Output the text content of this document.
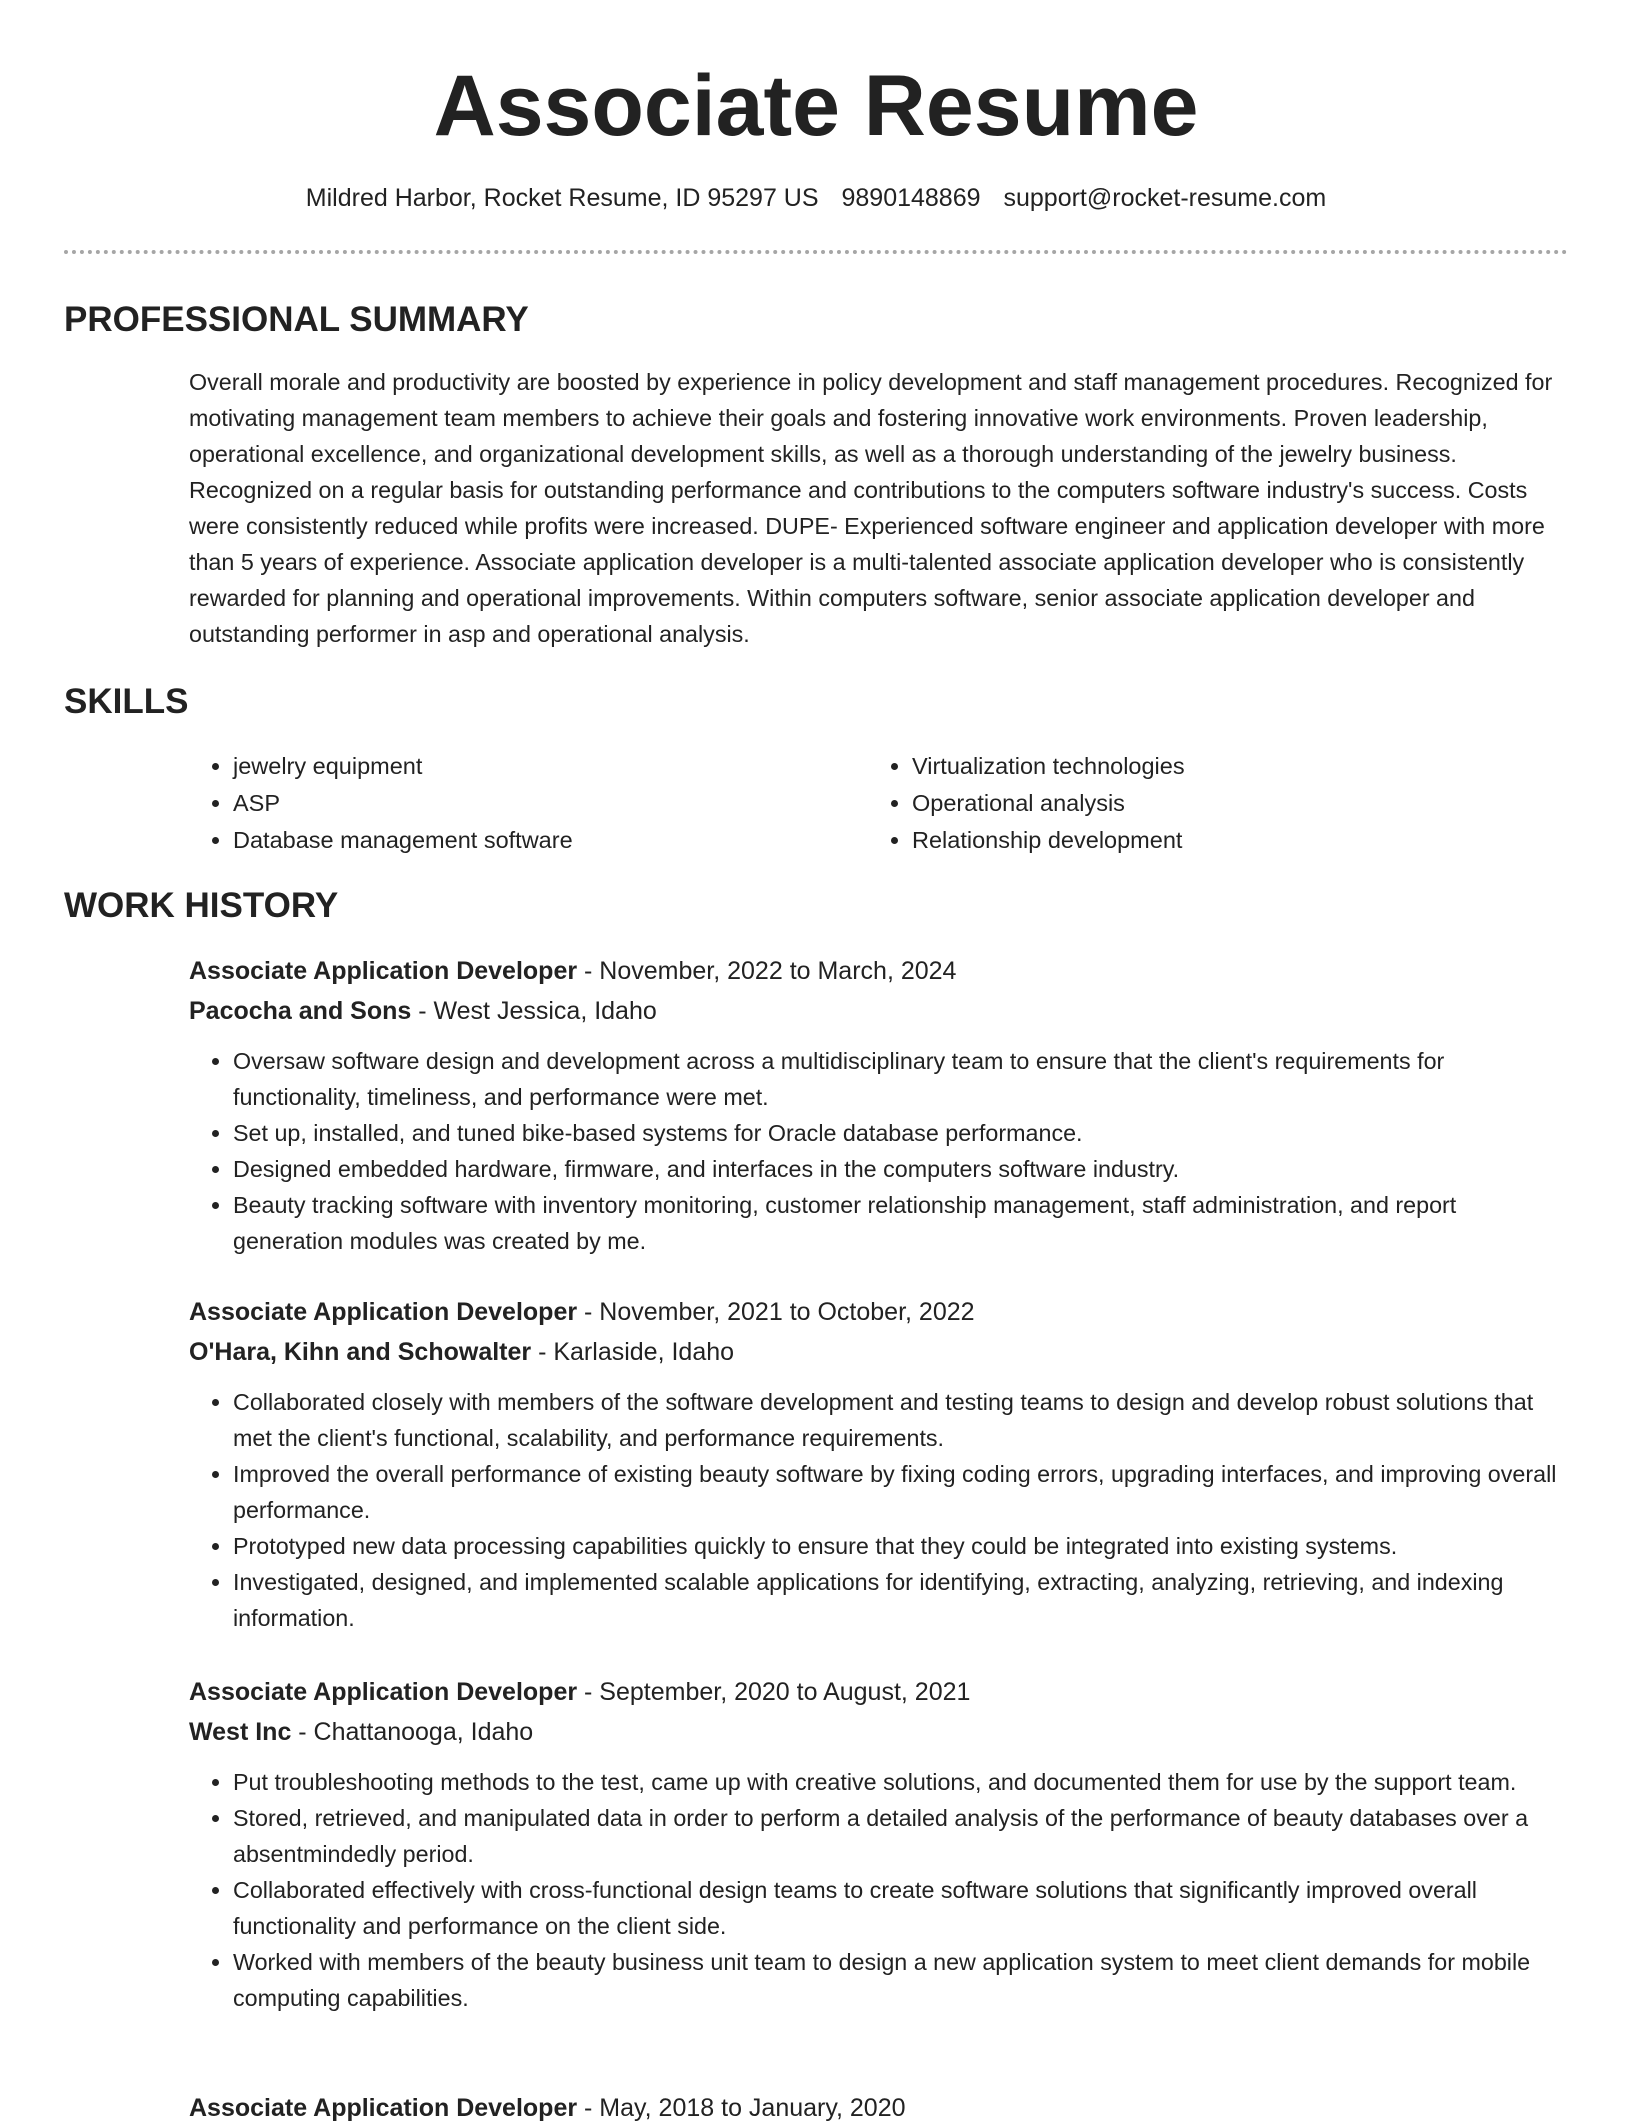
Associate Resume
Mildred Harbor, Rocket Resume, ID 95297 US 9890148869 support@rocket-resume.com
PROFESSIONAL SUMMARY
Overall morale and productivity are boosted by experience in policy development and staff management procedures. Recognized for motivating management team members to achieve their goals and fostering innovative work environments. Proven leadership, operational excellence, and organizational development skills, as well as a thorough understanding of the jewelry business. Recognized on a regular basis for outstanding performance and contributions to the computers software industry's success. Costs were consistently reduced while profits were increased. DUPE- Experienced software engineer and application developer with more than 5 years of experience. Associate application developer is a multi-talented associate application developer who is consistently rewarded for planning and operational improvements. Within computers software, senior associate application developer and outstanding performer in asp and operational analysis.
SKILLS
• jewelry equipment
• ASP
• Database management software
• Virtualization technologies
• Operational analysis
• Relationship development
WORK HISTORY

Associate Application Developer - November, 2022 to March, 2024

Pacocha and Sons - West Jessica, Idaho

• Oversaw software design and development across a multidisciplinary team to ensure that the client's requirements for functionality, timeliness, and performance were met.
• Set up, installed, and tuned bike-based systems for Oracle database performance.
• Designed embedded hardware, firmware, and interfaces in the computers software industry.
• Beauty tracking software with inventory monitoring, customer relationship management, staff administration, and report generation modules was created by me.

Associate Application Developer - November, 2021 to October, 2022

O'Hara, Kihn and Schowalter - Karlaside, Idaho

• Collaborated closely with members of the software development and testing teams to design and develop robust solutions that met the client's functional, scalability, and performance requirements.
• Improved the overall performance of existing beauty software by fixing coding errors, upgrading interfaces, and improving overall performance.
• Prototyped new data processing capabilities quickly to ensure that they could be integrated into existing systems.
• Investigated, designed, and implemented scalable applications for identifying, extracting, analyzing, retrieving, and indexing information.

Associate Application Developer - September, 2020 to August, 2021

West Inc - Chattanooga, Idaho

• Put troubleshooting methods to the test, came up with creative solutions, and documented them for use by the support team.
• Stored, retrieved, and manipulated data in order to perform a detailed analysis of the performance of beauty databases over a absentmindedly period.
• Collaborated effectively with cross-functional design teams to create software solutions that significantly improved overall functionality and performance on the client side.
• Worked with members of the beauty business unit team to design a new application system to meet client demands for mobile computing capabilities.

Associate Application Developer - May, 2018 to January, 2020
